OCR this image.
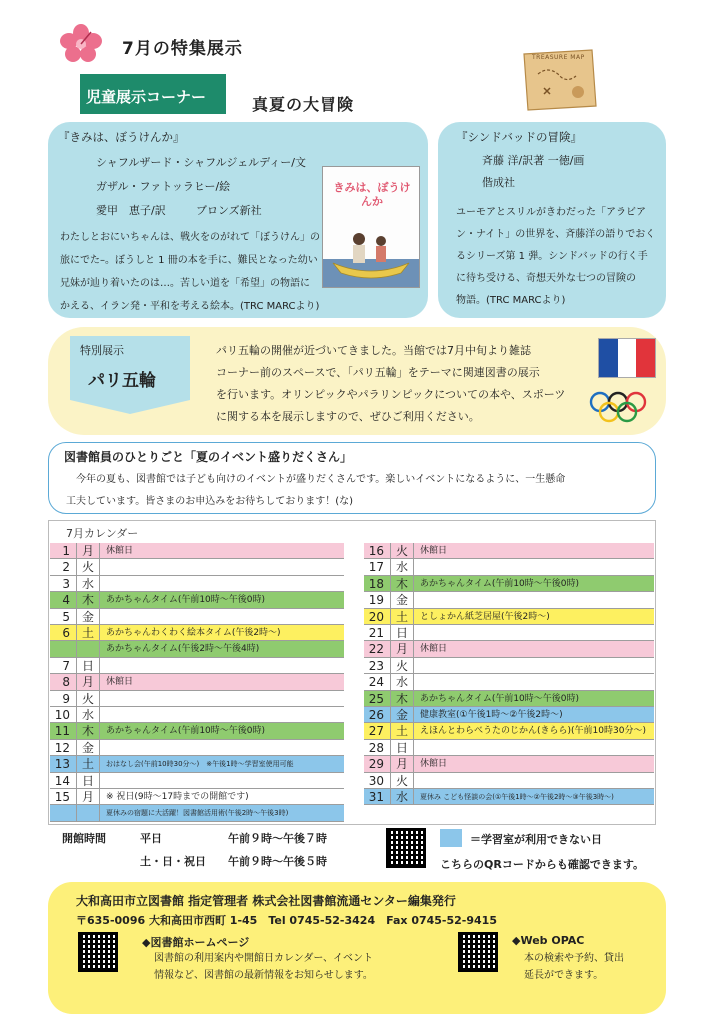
7月の特集展示
児童展示コーナー	真夏の大冒険
TREASURE MAP
『きみは、ぼうけんか』
シャフルザード・シャフルジェルディー/文
ガザル・ファトッラヒー/絵
愛甲　恵子/訳	ブロンズ新社
わたしとおにいちゃんは、戦火をのがれて「ぼうけん」の
旅にでた–。ぼうしと 1 冊の本を手に、難民となった幼い
兄妹が辿り着いたのは…。苦しい道を「希望」の物語に
かえる、イラン発・平和を考える絵本。(TRC MARCより)
きみは、ぼうけんか
『シンドバッドの冒険』
斉藤 洋/訳著 一徳/画
偕成社
ユーモアとスリルがきわだった「アラビア
ン・ナイト」の世界を、斉藤洋の語りでおく
るシリーズ第 1 弾。シンドバッドの行く手
に待ち受ける、奇想天外な七つの冒険の
物語。(TRC MARCより)
特別展示
パリ五輪
パリ五輪の開催が近づいてきました。当館では7月中旬より雑誌
コーナー前のスペースで、「パリ五輪」をテーマに関連図書の展示
を行います。オリンピックやパラリンピックについての本や、スポーツ
に関する本を展示しますので、ぜひご利用ください。
図書館員のひとりごと「夏のイベント盛りだくさん」
今年の夏も、図書館では子ども向けのイベントが盛りだくさんです。楽しいイベントになるように、一生懸命
工夫しています。皆さまのお申込みをお待ちしております！(な)
7月カレンダー
1 月	休館日
2 火
3 水
4 木	あかちゃんタイム(午前10時〜午後0時)
5 金
6 土	あかちゃんわくわく絵本タイム(午後2時〜)
あかちゃんタイム(午後2時〜午後4時)
7 日
8 月	休館日
9 火
10 水
11 木	あかちゃんタイム(午前10時〜午後0時)
12 金
13 土	おはなし会(午前10時30分〜)　※午後1時〜学習室使用可能
14 日
15 月	※ 祝日(9時〜17時までの開館です)
夏休みの宿題に大活躍！図書館活用術(午後2時〜午後3時)
16 火	休館日
17 水
18 木	あかちゃんタイム(午前10時〜午後0時)
19 金
20 土	としょかん紙芝居屋(午後2時〜)
21 日
22 月	休館日
23 火
24 水
25 木	あかちゃんタイム(午前10時〜午後0時)
26 金	健康教室(①午後1時〜②午後2時〜)
27 土	えほんとわらべうたのじかん(きらら)(午前10時30分〜)
28 日
29 月	休館日
30 火
31 水	夏休み こども怪談の会(①午後1時〜②午後2時〜③午後3時〜)
開館時間	平日	午前９時〜午後７時
土・日・祝日 午前９時〜午後５時
＝学習室が利用できない日
こちらのQRコードからも確認できます。
大和高田市立図書館 指定管理者 株式会社図書館流通センター編集発行
〒635-0096 大和高田市西町 1-45　Tel 0745-52-3424　Fax 0745-52-9415
◆図書館ホームページ
図書館の利用案内や開館日カレンダー、イベント
情報など、図書館の最新情報をお知らせします。
◆Web OPAC
本の検索や予約、貸出
延長ができます。
